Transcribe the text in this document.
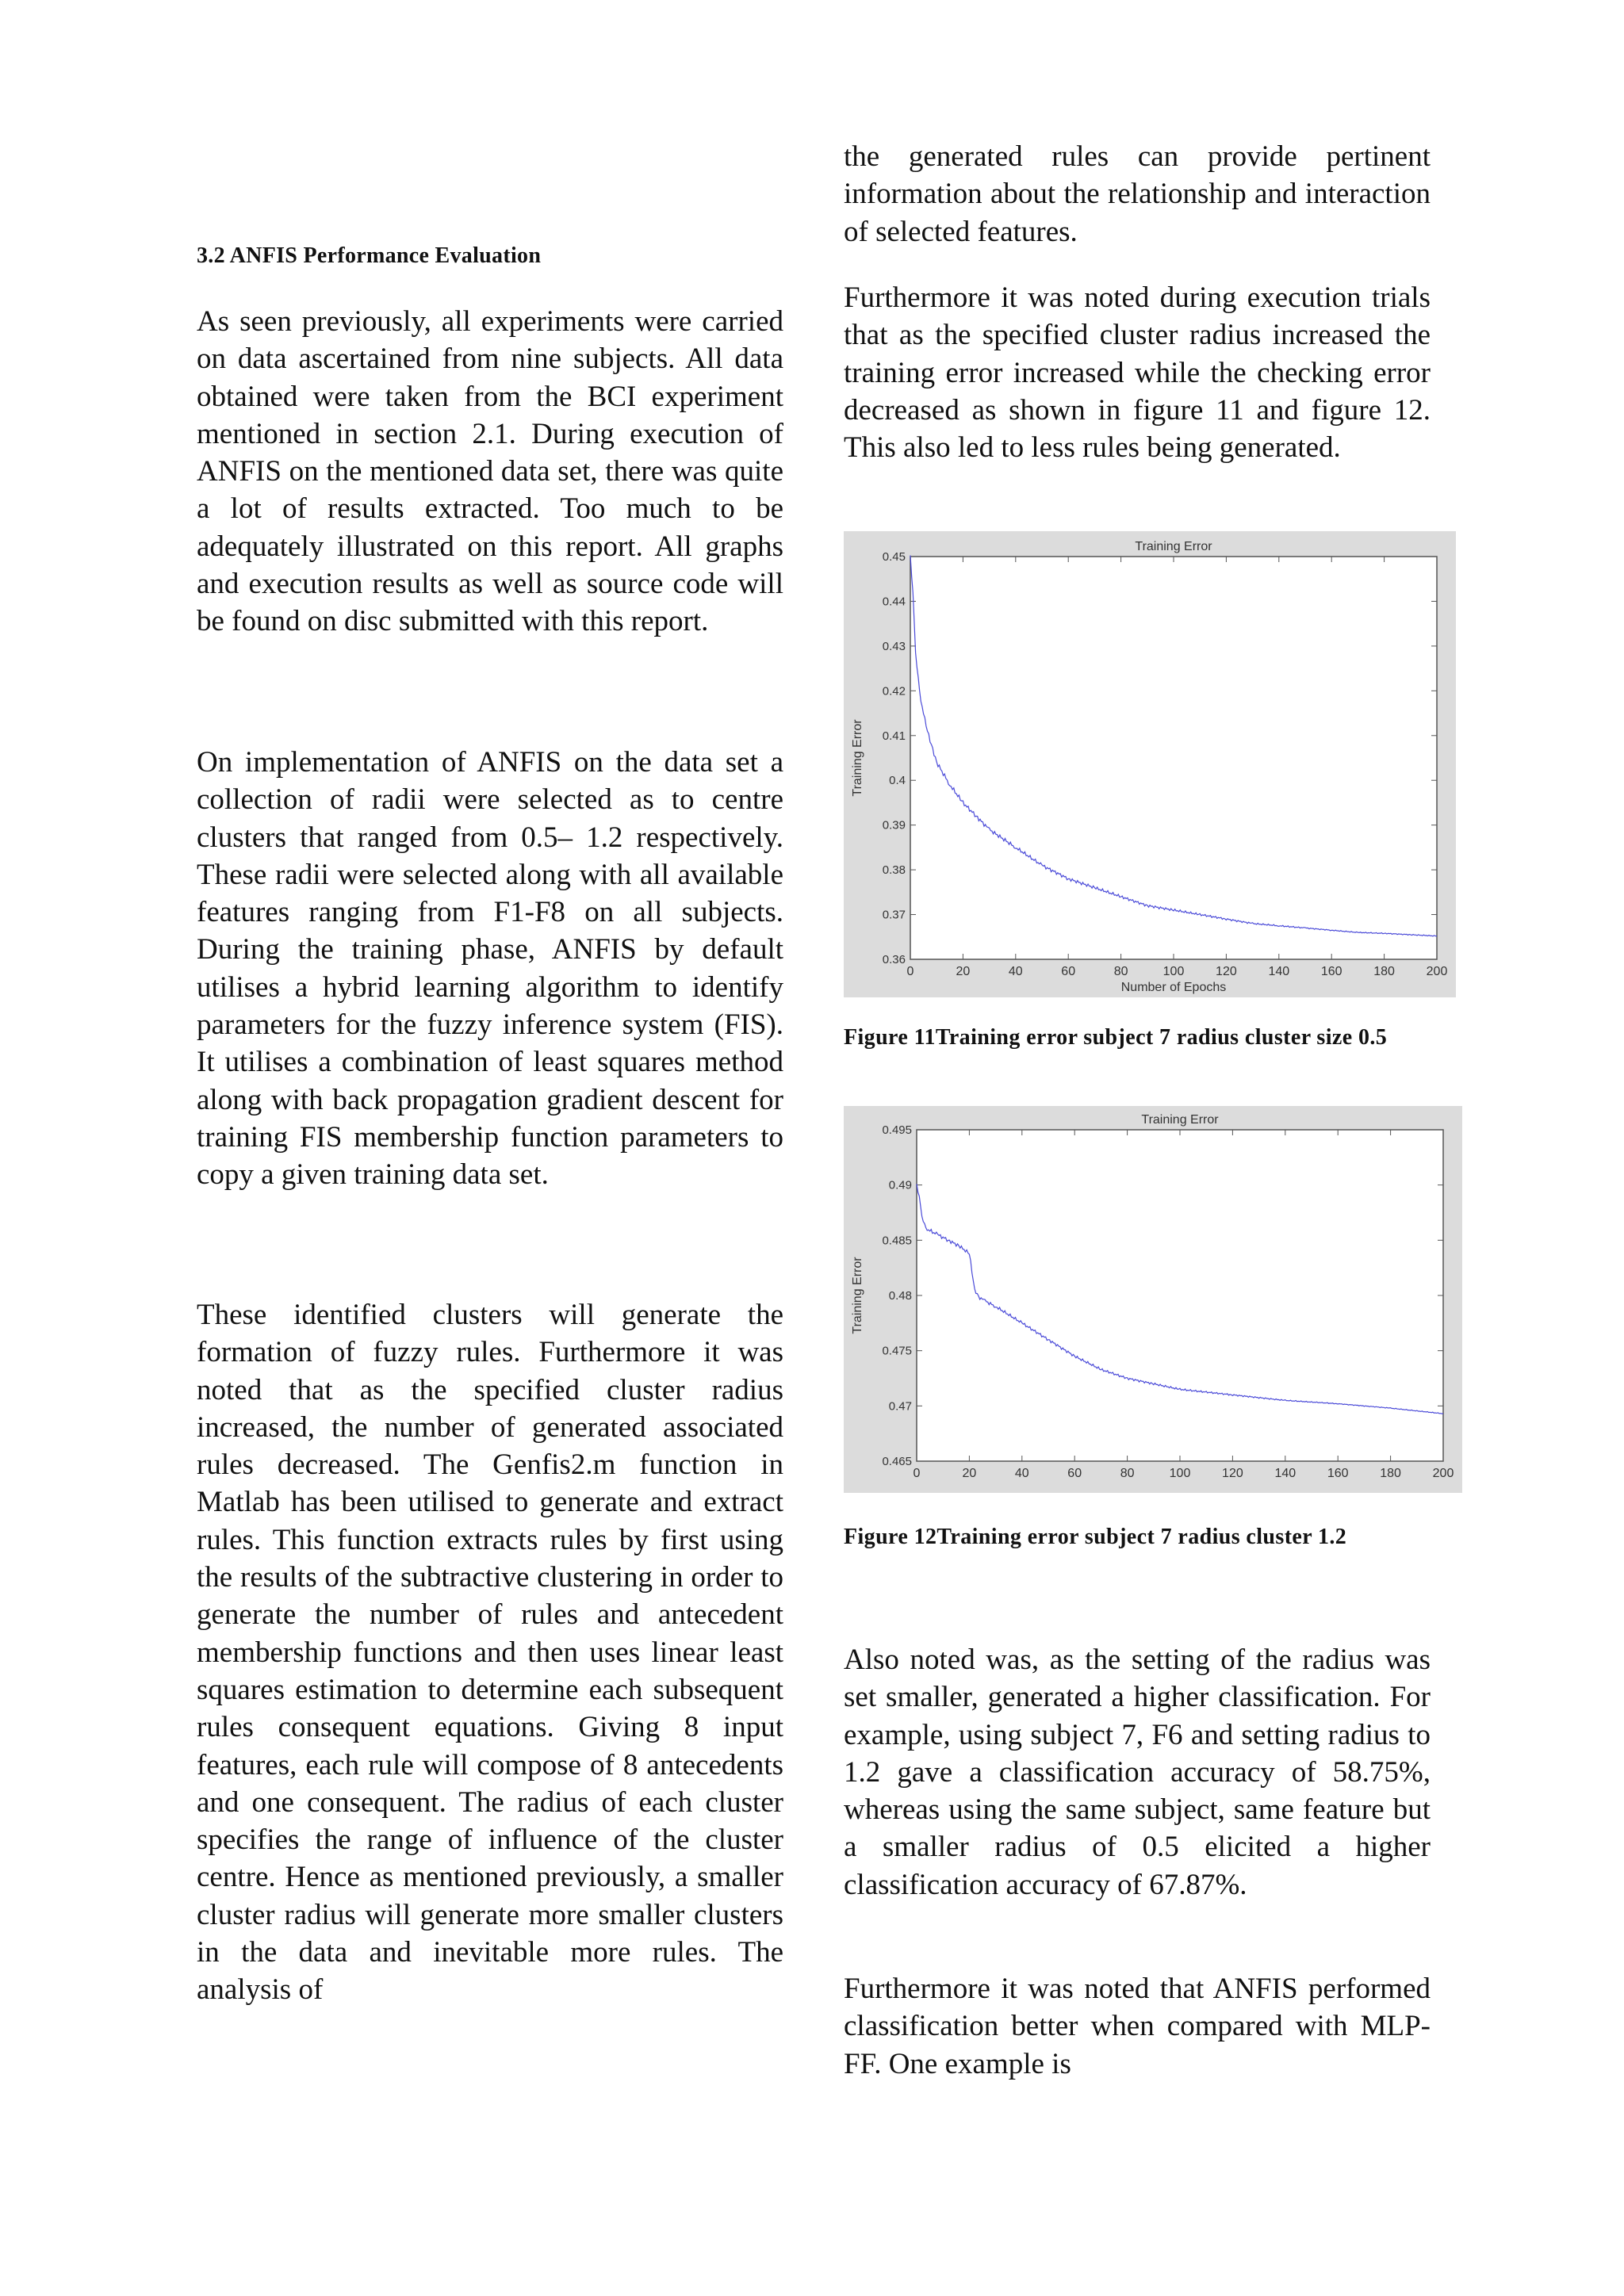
3.2 ANFIS Performance Evaluation

As seen previously, all experiments were carried on data ascertained from nine subjects. All data obtained were taken from the BCI experiment mentioned in section 2.1. During execution of ANFIS on the mentioned data set, there was quite a lot of results extracted. Too much to be adequately illustrated on this report. All graphs and execution results as well as source code will be found on disc submitted with this report.

On implementation of ANFIS on the data set a collection of radii were selected as to centre clusters that ranged from 0.5– 1.2 respectively. These radii were selected along with all available features ranging from F1-F8 on all subjects. During the training phase, ANFIS by default utilises a hybrid learning algorithm to identify parameters for the fuzzy inference system (FIS). It utilises a combination of least squares method along with back propagation gradient descent for training FIS membership function parameters to copy a given training data set.

These identified clusters will generate the formation of fuzzy rules. Furthermore it was noted that as the specified cluster radius increased, the number of generated associated rules decreased. The Genfis2.m function in Matlab has been utilised to generate and extract rules. This function extracts rules by first using the results of the subtractive clustering in order to generate the number of rules and antecedent membership functions and then uses linear least squares estimation to determine each subsequent rules consequent equations. Giving 8 input features, each rule will compose of 8 antecedents and one consequent. The radius of each cluster specifies the range of influence of the cluster centre. Hence as mentioned previously, a smaller cluster radius will generate more smaller clusters in the data and inevitable more rules. The analysis of

the generated rules can provide pertinent information about the relationship and interaction of selected features.

Furthermore it was noted during execution trials that as the specified cluster radius increased the training error increased while the checking error decreased as shown in figure 11 and figure 12. This also led to less rules being generated.

Training Error
0	20	40	60	80	100 120 140 160 180 200
0.36
0.37
0.38
0.39
0.4
0.41
0.42
0.43
0.44
0.45
Number of Epochs
Training Error
Figure 11Training error subject 7 radius cluster size 0.5
Training Error
0	20	40	60	80	100 120 140 160 180 200
0.465
0.47
0.475
0.48
0.485
0.49
0.495
Training Error
Figure 12Training error subject 7 radius cluster 1.2

Also noted was, as the setting of the radius was set smaller, generated a higher classification. For example, using subject 7, F6 and setting radius to 1.2 gave a classification accuracy of 58.75%, whereas using the same subject, same feature but a smaller radius of 0.5 elicited a higher classification accuracy of 67.87%.

Furthermore it was noted that ANFIS performed classification better when compared with MLP-FF. One example is
